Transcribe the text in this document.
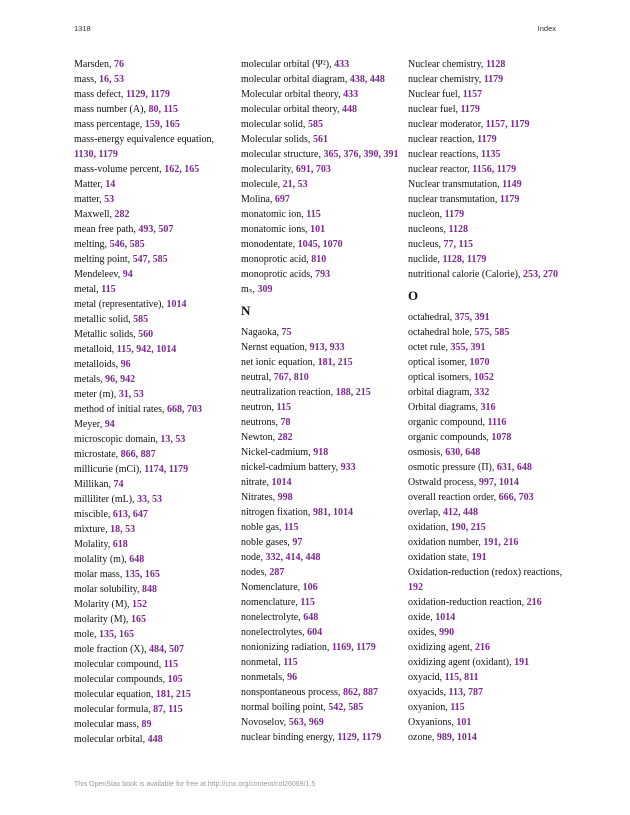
1318	Index
Marsden, 76
mass, 16, 53
mass defect, 1129, 1179
mass number (A), 80, 115
mass percentage, 159, 165
mass-energy equivalence equation, 1130, 1179
mass-volume percent, 162, 165
Matter, 14
matter, 53
Maxwell, 282
mean free path, 493, 507
melting, 546, 585
melting point, 547, 585
Mendeleev, 94
metal, 115
metal (representative), 1014
metallic solid, 585
Metallic solids, 560
metalloid, 115, 942, 1014
metalloids, 96
metals, 96, 942
meter (m), 31, 53
method of initial rates, 668, 703
Meyer, 94
microscopic domain, 13, 53
microstate, 866, 887
millicurie (mCi), 1174, 1179
Millikan, 74
milliliter (mL), 33, 53
miscible, 613, 647
mixture, 18, 53
Molality, 618
molality (m), 648
molar mass, 135, 165
molar solubility, 848
Molarity (M), 152
molarity (M), 165
mole, 135, 165
mole fraction (X), 484, 507
molecular compound, 115
molecular compounds, 105
molecular equation, 181, 215
molecular formula, 87, 115
molecular mass, 89
molecular orbital, 448
molecular orbital (Ψ²), 433
molecular orbital diagram, 438, 448
Molecular orbital theory, 433
molecular orbital theory, 448
molecular solid, 585
Molecular solids, 561
molecular structure, 365, 376, 390, 391
molecularity, 691, 703
molecule, 21, 53
Molina, 697
monatomic ion, 115
monatomic ions, 101
monodentate, 1045, 1070
monoprotic acid, 810
monoprotic acids, 793
mₛ, 309
N
Nagaoka, 75
Nernst equation, 913, 933
net ionic equation, 181, 215
neutral, 767, 810
neutralization reaction, 188, 215
neutron, 115
neutrons, 78
Newton, 282
Nickel-cadmium, 918
nickel-cadmium battery, 933
nitrate, 1014
Nitrates, 998
nitrogen fixation, 981, 1014
noble gas, 115
noble gases, 97
node, 332, 414, 448
nodes, 287
Nomenclature, 106
nomenclature, 115
nonelectrolyte, 648
nonelectrolytes, 604
nonionizing radiation, 1169, 1179
nonmetal, 115
nonmetals, 96
nonspontaneous process, 862, 887
normal boiling point, 542, 585
Novoselov, 563, 969
nuclear binding energy, 1129, 1179
Nuclear chemistry, 1128
nuclear chemistry, 1179
Nuclear fuel, 1157
nuclear fuel, 1179
nuclear moderator, 1157, 1179
nuclear reaction, 1179
nuclear reactions, 1135
nuclear reactor, 1156, 1179
Nuclear transmutation, 1149
nuclear transmutation, 1179
nucleon, 1179
nucleons, 1128
nucleus, 77, 115
nuclide, 1128, 1179
nutritional calorie (Calorie), 253, 270
O
octahedral, 375, 391
octahedral hole, 575, 585
octet rule, 355, 391
optical isomer, 1070
optical isomers, 1052
orbital diagram, 332
Orbital diagrams, 316
organic compound, 1116
organic compounds, 1078
osmosis, 630, 648
osmotic pressure (Π), 631, 648
Ostwald process, 997, 1014
overall reaction order, 666, 703
overlap, 412, 448
oxidation, 190, 215
oxidation number, 191, 216
oxidation state, 191
Oxidation-reduction (redox) reactions, 192
oxidation-reduction reaction, 216
oxide, 1014
oxides, 990
oxidizing agent, 216
oxidizing agent (oxidant), 191
oxyacid, 115, 811
oxyacids, 113, 787
oxyanion, 115
Oxyanions, 101
ozone, 989, 1014
This OpenStax book is available for free at http://cnx.org/content/col26069/1.5
